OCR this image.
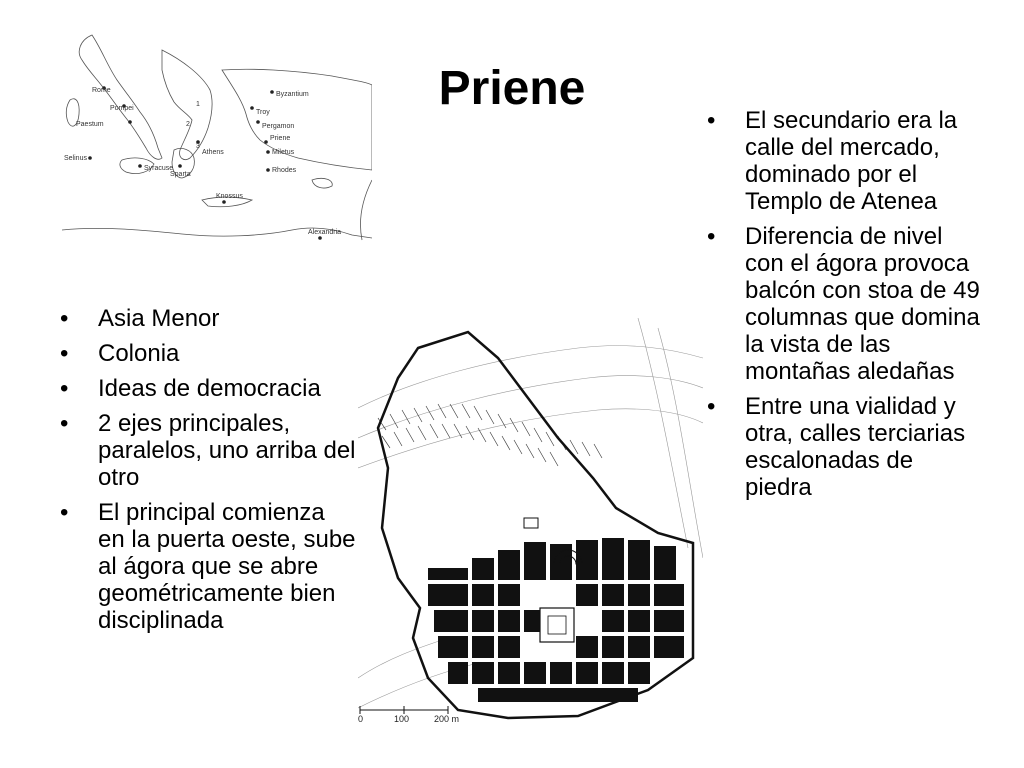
Priene
Rome
Pompei
Paestum
Selinus
Syracuse
Sparta
Athens
Troy
Byzantium
Pergamon
Priene
Miletus
Rhodes
Knossus
Alexandria
1
2
3
0	100	200 m
• Asia Menor
• Colonia
• Ideas de democracia
• 2 ejes principales, paralelos, uno arriba del otro
• El principal comienza en la puerta oeste, sube al ágora que se abre geométricamente bien disciplinada
• El secundario era la calle del mercado, dominado por el Templo de Atenea
• Diferencia de nivel con el ágora provoca balcón con stoa de 49 columnas que domina la vista de las montañas aledañas
• Entre una vialidad y otra, calles terciarias escalonadas de piedra
